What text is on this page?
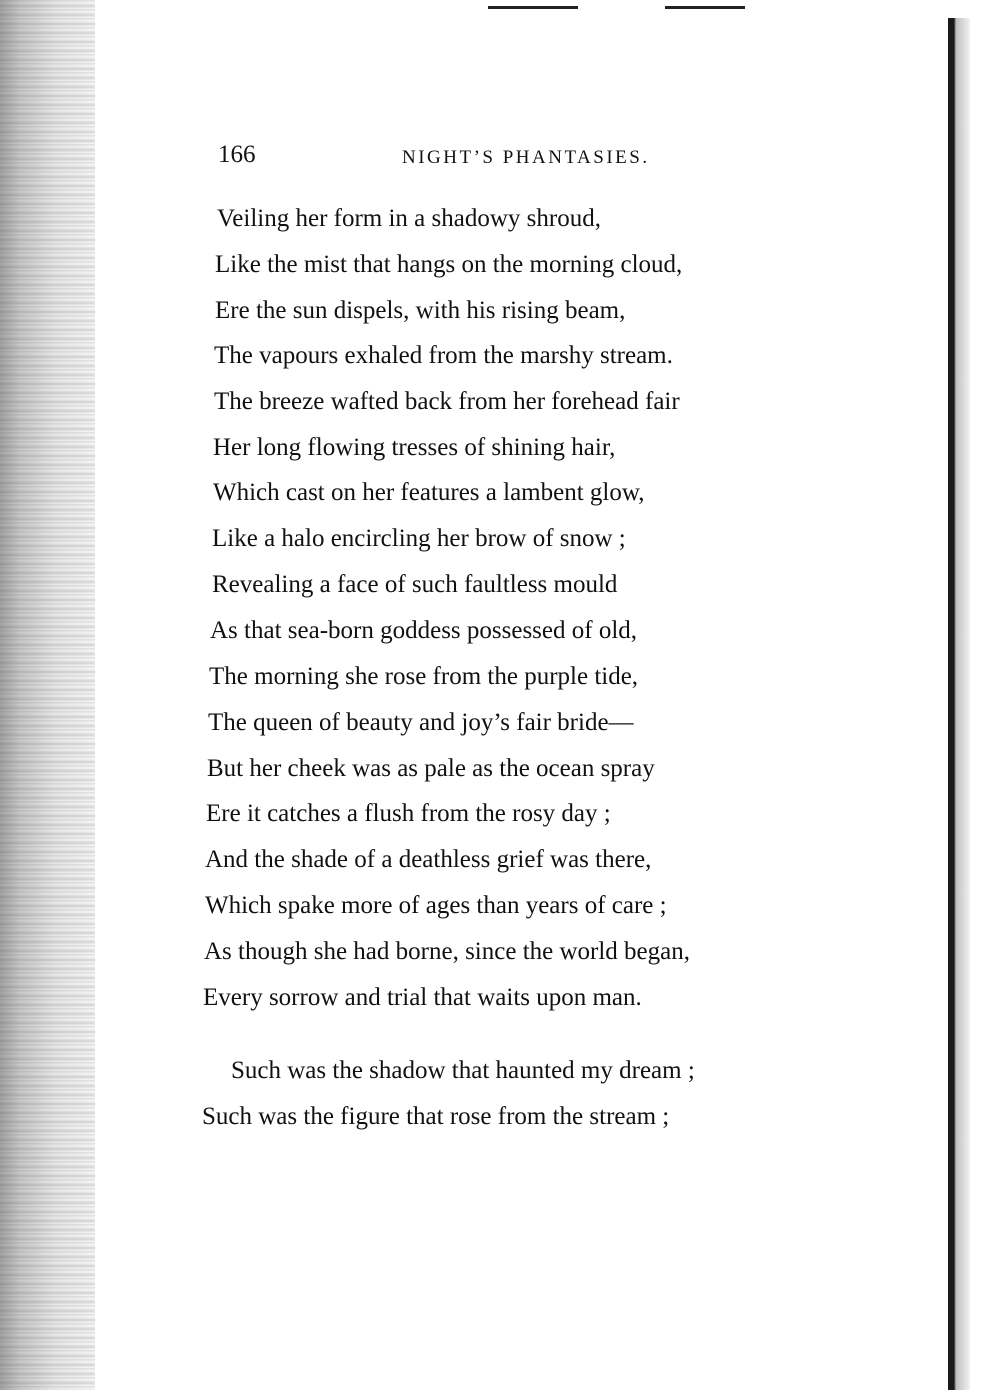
166	NIGHT’S PHANTASIES.
Veiling her form in a shadowy shroud,
Like the mist that hangs on the morning cloud,
Ere the sun dispels, with his rising beam,
The vapours exhaled from the marshy stream.
The breeze wafted back from her forehead fair
Her long flowing tresses of shining hair,
Which cast on her features a lambent glow,
Like a halo encircling her brow of snow ;
Revealing a face of such faultless mould
As that sea-born goddess possessed of old,
The morning she rose from the purple tide,
The queen of beauty and joy’s fair bride—
But her cheek was as pale as the ocean spray
Ere it catches a flush from the rosy day ;
And the shade of a deathless grief was there,
Which spake more of ages than years of care ;
As though she had borne, since the world began,
Every sorrow and trial that waits upon man.
Such was the shadow that haunted my dream ;
Such was the figure that rose from the stream ;
